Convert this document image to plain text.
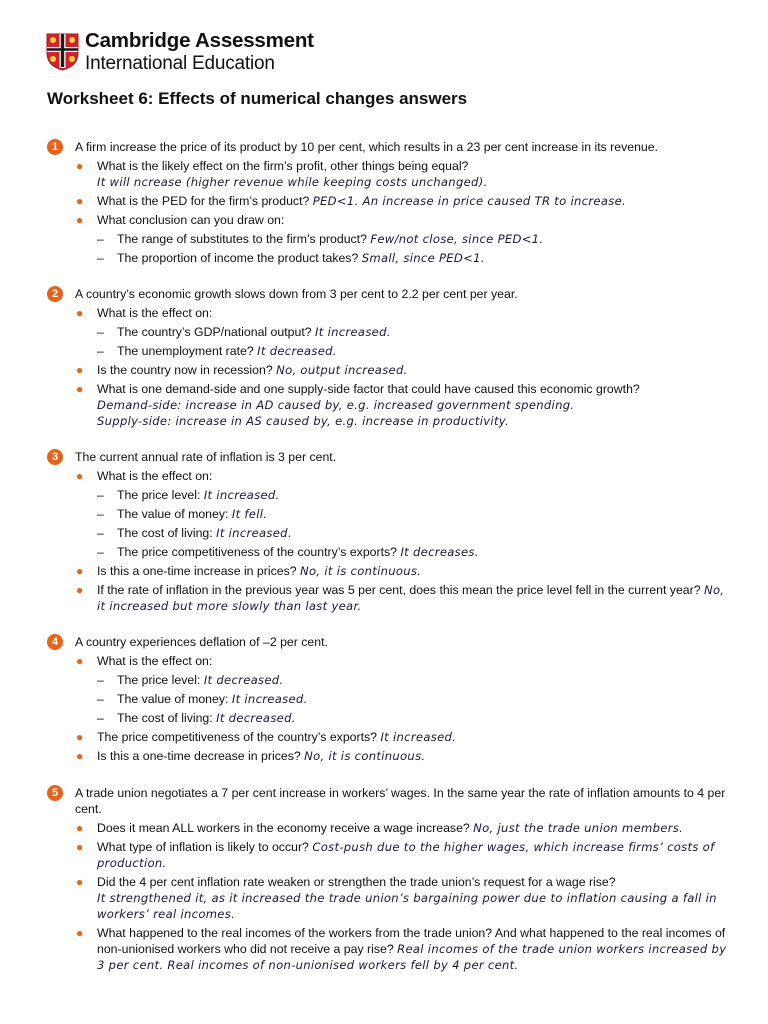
Cambridge Assessment
International Education
Worksheet 6: Effects of numerical changes answers
1	A firm increase the price of its product by 10 per cent, which results in a 23 per cent increase in its revenue.
● What is the likely effect on the firm’s profit, other things being equal?
It will ncrease (higher revenue while keeping costs unchanged).
● What is the PED for the firm’s product? PED<1. An increase in price caused TR to increase.
● What conclusion can you draw on:
– The range of substitutes to the firm’s product? Few/not close, since PED<1.
– The proportion of income the product takes? Small, since PED<1.
2	A country’s economic growth slows down from 3 per cent to 2.2 per cent per year.
● What is the effect on:
– The country’s GDP/national output? It increased.
– The unemployment rate? It decreased.
● Is the country now in recession? No, output increased.
● What is one demand-side and one supply-side factor that could have caused this economic growth?
Demand-side: increase in AD caused by, e.g. increased government spending.
Supply-side: increase in AS caused by, e.g. increase in productivity.
3	The current annual rate of inflation is 3 per cent.
● What is the effect on:
– The price level: It increased.
– The value of money: It fell.
– The cost of living: It increased.
– The price competitiveness of the country’s exports? It decreases.
● Is this a one-time increase in prices? No, it is continuous.
● If the rate of inflation in the previous year was 5 per cent, does this mean the price level fell in the current year? No, it increased but more slowly than last year.
4	A country experiences deflation of –2 per cent.
● What is the effect on:
– The price level: It decreased.
– The value of money: It increased.
– The cost of living: It decreased.
● The price competitiveness of the country’s exports? It increased.
● Is this a one-time decrease in prices? No, it is continuous.
5	A trade union negotiates a 7 per cent increase in workers’ wages. In the same year the rate of inflation amounts to 4 per cent.
● Does it mean ALL workers in the economy receive a wage increase? No, just the trade union members.
● What type of inflation is likely to occur? Cost-push due to the higher wages, which increase firms’ costs of production.
● Did the 4 per cent inflation rate weaken or strengthen the trade union’s request for a wage rise?
It strengthened it, as it increased the trade union’s bargaining power due to inflation causing a fall in workers’ real incomes.
● What happened to the real incomes of the workers from the trade union? And what happened to the real incomes of non-unionised workers who did not receive a pay rise? Real incomes of the trade union workers increased by 3 per cent. Real incomes of non-unionised workers fell by 4 per cent.
